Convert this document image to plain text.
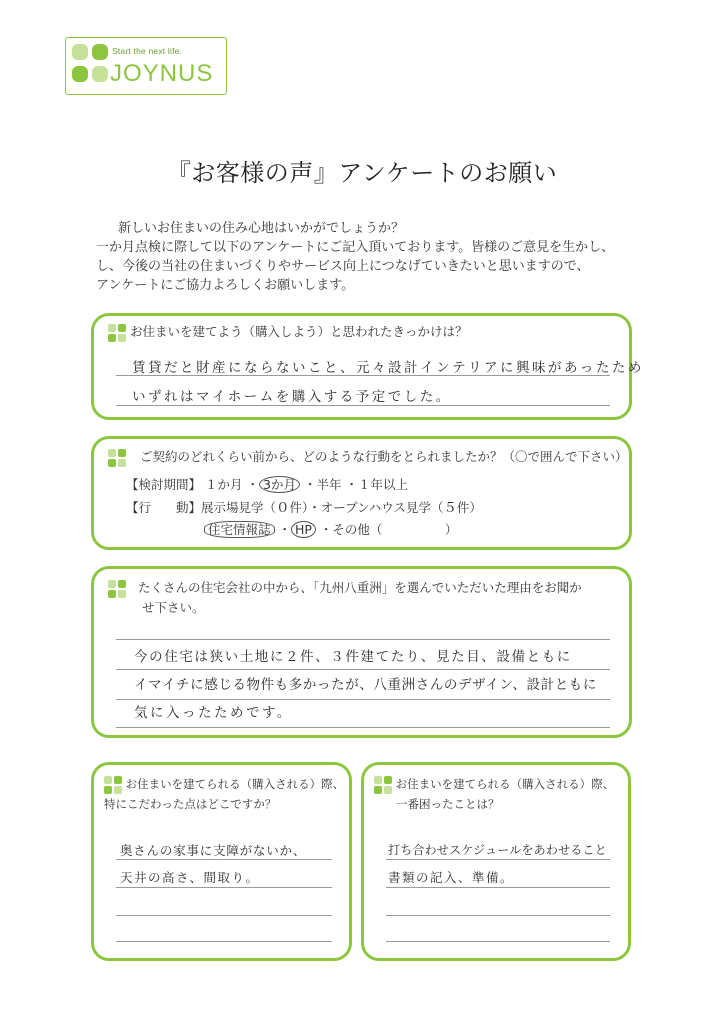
Start the next life.
JOYNUS
『お客様の声』アンケートのお願い

新しいお住まいの住み心地はいかがでしょうか？

一か月点検に際して以下のアンケートにご記入頂いております。皆様のご意見を生かし、

し、今後の当社の住まいづくりやサービス向上につなげていきたいと思いますので、

アンケートにご協力よろしくお願いします。

お住まいを建てよう（購入しよう）と思われたきっかけは？
賃貸だと財産にならないこと、元々設計インテリアに興味があったため
いずれはマイホームを購入する予定でした。
ご契約のどれくらい前から、どのような行動をとられましたか？（〇で囲んで下さい）
【検討期間】 １か月 ・ 3か月 ・半年 ・１年以上
【行　　動】展示場見学（０件）・オープンハウス見学（５件）
住宅情報誌 ・ HP ・その他（　　　　　）
たくさんの住宅会社の中から、「九州八重洲」を選んでいただいた理由をお聞か
せ下さい。
今の住宅は狭い土地に２件、３件建てたり、見た目、設備ともに
イマイチに感じる物件も多かったが、八重洲さんのデザイン、設計ともに
気に入ったためです。
お住まいを建てられる（購入される）際、
特にこだわった点はどこですか？
奥さんの家事に支障がないか、
天井の高さ、間取り。
お住まいを建てられる（購入される）際、
一番困ったことは？
打ち合わせスケジュールをあわせること
書類の記入、準備。
